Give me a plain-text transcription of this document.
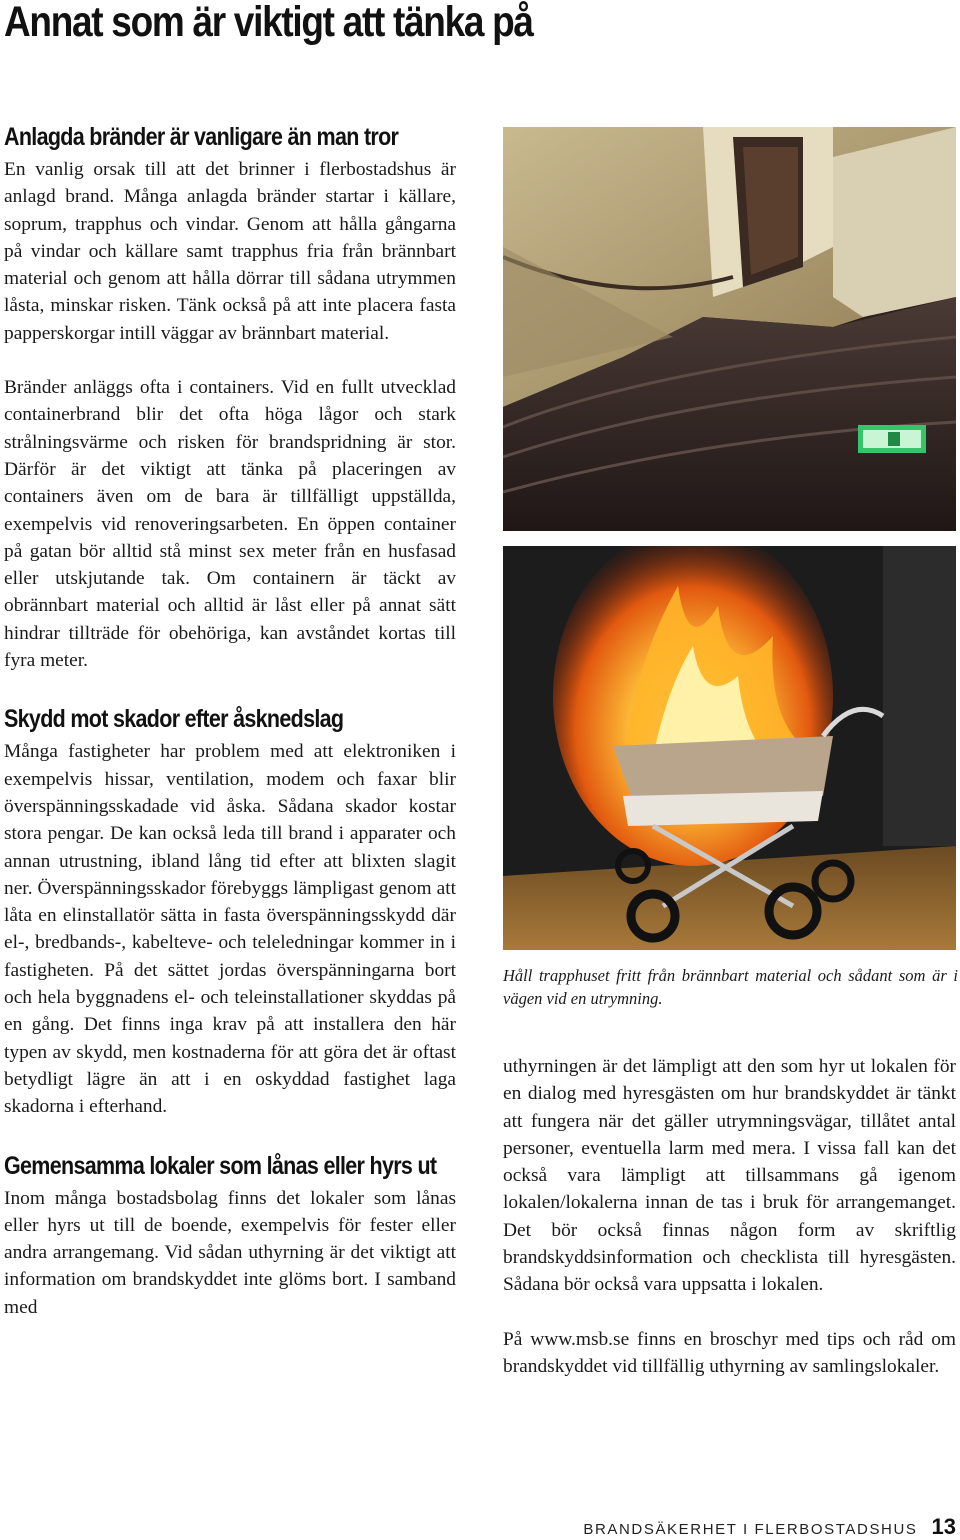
Annat som är viktigt att tänka på
Anlagda bränder är vanligare än man tror

En vanlig orsak till att det brinner i flerbostadshus är anlagd brand. Många anlagda bränder startar i källare, soprum, trapphus och vindar. Genom att hålla gångarna på vindar och källare samt trapphus fria från brännbart material och genom att hålla dörrar till sådana utrymmen låsta, minskar risken. Tänk också på att inte placera fasta papperskorgar intill väggar av brännbart material.

Bränder anläggs ofta i containers. Vid en fullt utvecklad containerbrand blir det ofta höga lågor och stark strålningsvärme och risken för brandspridning är stor. Därför är det viktigt att tänka på placeringen av containers även om de bara är tillfälligt uppställda, exempelvis vid renoveringsarbeten. En öppen container på gatan bör alltid stå minst sex meter från en husfasad eller utskjutande tak. Om containern är täckt av obrännbart material och alltid är låst eller på annat sätt hindrar tillträde för obehöriga, kan avståndet kortas till fyra meter.

Skydd mot skador efter åsknedslag

Många fastigheter har problem med att elektroniken i exempelvis hissar, ventilation, modem och faxar blir överspänningsskadade vid åska. Sådana skador kostar stora pengar. De kan också leda till brand i apparater och annan utrustning, ibland lång tid efter att blixten slagit ner. Överspänningsskador förebyggs lämpligast genom att låta en elinstallatör sätta in fasta överspänningsskydd där el-, bredbands-, kabelteve- och teleledningar kommer in i fastigheten. På det sättet jordas överspänningarna bort och hela byggnadens el- och teleinstallationer skyddas på en gång. Det finns inga krav på att installera den här typen av skydd, men kostnaderna för att göra det är oftast betydligt lägre än att i en oskyddad fastighet laga skadorna i efterhand.

Gemensamma lokaler som lånas eller hyrs ut

Inom många bostadsbolag finns det lokaler som lånas eller hyrs ut till de boende, exempelvis för fester eller andra arrangemang. Vid sådan uthyrning är det viktigt att information om brandskyddet inte glöms bort. I samband med

Håll trapphuset fritt från brännbart material och sådant som är i vägen vid en utrymning.

uthyrningen är det lämpligt att den som hyr ut lokalen för en dialog med hyresgästen om hur brandskyddet är tänkt att fungera när det gäller utrymningsvägar, tillåtet antal personer, eventuella larm med mera. I vissa fall kan det också vara lämpligt att tillsammans gå igenom lokalen/lokalerna innan de tas i bruk för arrangemanget. Det bör också finnas någon form av skriftlig brandskyddsinformation och checklista till hyresgästen. Sådana bör också vara uppsatta i lokalen.

På www.msb.se finns en broschyr med tips och råd om brandskyddet vid tillfällig uthyrning av samlingslokaler.

BRANDSÄKERHET I FLERBOSTADSHUS 13
